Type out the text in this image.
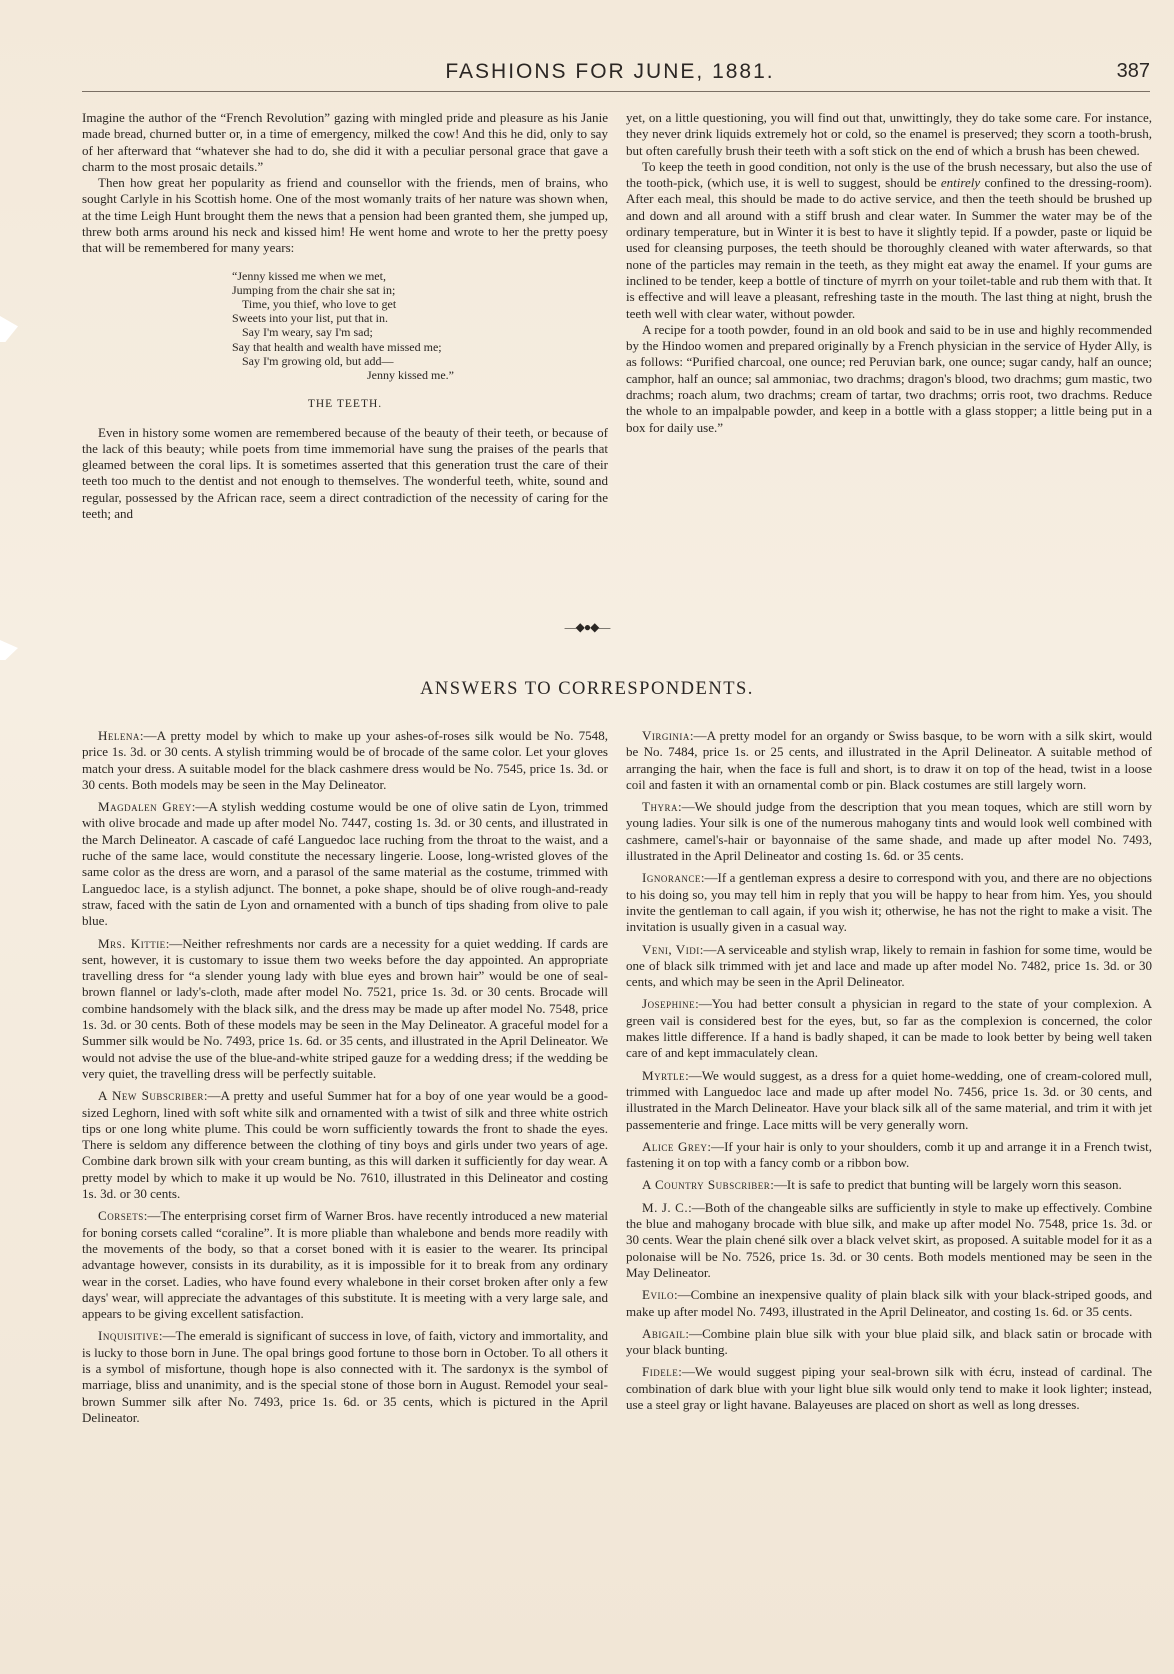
FASHIONS FOR JUNE, 1881.	387

Imagine the author of the “French Revolution” gazing with mingled pride and pleasure as his Janie made bread, churned butter or, in a time of emergency, milked the cow! And this he did, only to say of her afterward that “whatever she had to do, she did it with a peculiar personal grace that gave a charm to the most prosaic details.”

Then how great her popularity as friend and counsellor with the friends, men of brains, who sought Carlyle in his Scottish home. One of the most womanly traits of her nature was shown when, at the time Leigh Hunt brought them the news that a pension had been granted them, she jumped up, threw both arms around his neck and kissed him! He went home and wrote to her the pretty poesy that will be remembered for many years:

“Jenny kissed me when we met,
Jumping from the chair she sat in;
Time, you thief, who love to get
Sweets into your list, put that in.
Say I'm weary, say I'm sad;
Say that health and wealth have missed me;
Say I'm growing old, but add—
Jenny kissed me.”
THE TEETH.

Even in history some women are remembered because of the beauty of their teeth, or because of the lack of this beauty; while poets from time immemorial have sung the praises of the pearls that gleamed between the coral lips. It is sometimes asserted that this generation trust the care of their teeth too much to the dentist and not enough to themselves. The wonderful teeth, white, sound and regular, possessed by the African race, seem a direct contradiction of the necessity of caring for the teeth; and

yet, on a little questioning, you will find out that, unwittingly, they do take some care. For instance, they never drink liquids extremely hot or cold, so the enamel is preserved; they scorn a tooth-brush, but often carefully brush their teeth with a soft stick on the end of which a brush has been chewed.

To keep the teeth in good condition, not only is the use of the brush necessary, but also the use of the tooth-pick, (which use, it is well to suggest, should be entirely confined to the dressing-room). After each meal, this should be made to do active service, and then the teeth should be brushed up and down and all around with a stiff brush and clear water. In Summer the water may be of the ordinary temperature, but in Winter it is best to have it slightly tepid. If a powder, paste or liquid be used for cleansing purposes, the teeth should be thoroughly cleaned with water afterwards, so that none of the particles may remain in the teeth, as they might eat away the enamel. If your gums are inclined to be tender, keep a bottle of tincture of myrrh on your toilet-table and rub them with that. It is effective and will leave a pleasant, refreshing taste in the mouth. The last thing at night, brush the teeth well with clear water, without powder.

A recipe for a tooth powder, found in an old book and said to be in use and highly recommended by the Hindoo women and prepared originally by a French physician in the service of Hyder Ally, is as follows: “Purified charcoal, one ounce; red Peruvian bark, one ounce; sugar candy, half an ounce; camphor, half an ounce; sal ammoniac, two drachms; dragon's blood, two drachms; gum mastic, two drachms; roach alum, two drachms; cream of tartar, two drachms; orris root, two drachms. Reduce the whole to an impalpable powder, and keep in a bottle with a glass stopper; a little being put in a box for daily use.”

—◆●◆—
ANSWERS TO CORRESPONDENTS.

Helena:—A pretty model by which to make up your ashes-of-roses silk would be No. 7548, price 1s. 3d. or 30 cents. A stylish trimming would be of brocade of the same color. Let your gloves match your dress. A suitable model for the black cashmere dress would be No. 7545, price 1s. 3d. or 30 cents. Both models may be seen in the May Delineator.

Magdalen Grey:—A stylish wedding costume would be one of olive satin de Lyon, trimmed with olive brocade and made up after model No. 7447, costing 1s. 3d. or 30 cents, and illustrated in the March Delineator. A cascade of café Languedoc lace ruching from the throat to the waist, and a ruche of the same lace, would constitute the necessary lingerie. Loose, long-wristed gloves of the same color as the dress are worn, and a parasol of the same material as the costume, trimmed with Languedoc lace, is a stylish adjunct. The bonnet, a poke shape, should be of olive rough-and-ready straw, faced with the satin de Lyon and ornamented with a bunch of tips shading from olive to pale blue.

Mrs. Kittie:—Neither refreshments nor cards are a necessity for a quiet wedding. If cards are sent, however, it is customary to issue them two weeks before the day appointed. An appropriate travelling dress for “a slender young lady with blue eyes and brown hair” would be one of seal-brown flannel or lady's-cloth, made after model No. 7521, price 1s. 3d. or 30 cents. Brocade will combine handsomely with the black silk, and the dress may be made up after model No. 7548, price 1s. 3d. or 30 cents. Both of these models may be seen in the May Delineator. A graceful model for a Summer silk would be No. 7493, price 1s. 6d. or 35 cents, and illustrated in the April Delineator. We would not advise the use of the blue-and-white striped gauze for a wedding dress; if the wedding be very quiet, the travelling dress will be perfectly suitable.

A New Subscriber:—A pretty and useful Summer hat for a boy of one year would be a good-sized Leghorn, lined with soft white silk and ornamented with a twist of silk and three white ostrich tips or one long white plume. This could be worn sufficiently towards the front to shade the eyes. There is seldom any difference between the clothing of tiny boys and girls under two years of age. Combine dark brown silk with your cream bunting, as this will darken it sufficiently for day wear. A pretty model by which to make it up would be No. 7610, illustrated in this Delineator and costing 1s. 3d. or 30 cents.

Corsets:—The enterprising corset firm of Warner Bros. have recently introduced a new material for boning corsets called “coraline”. It is more pliable than whalebone and bends more readily with the movements of the body, so that a corset boned with it is easier to the wearer. Its principal advantage however, consists in its durability, as it is impossible for it to break from any ordinary wear in the corset. Ladies, who have found every whalebone in their corset broken after only a few days' wear, will appreciate the advantages of this substitute. It is meeting with a very large sale, and appears to be giving excellent satisfaction.

Inquisitive:—The emerald is significant of success in love, of faith, victory and immortality, and is lucky to those born in June. The opal brings good fortune to those born in October. To all others it is a symbol of misfortune, though hope is also connected with it. The sardonyx is the symbol of marriage, bliss and unanimity, and is the special stone of those born in August. Remodel your seal-brown Summer silk after No. 7493, price 1s. 6d. or 35 cents, which is pictured in the April Delineator.

Virginia:—A pretty model for an organdy or Swiss basque, to be worn with a silk skirt, would be No. 7484, price 1s. or 25 cents, and illustrated in the April Delineator. A suitable method of arranging the hair, when the face is full and short, is to draw it on top of the head, twist in a loose coil and fasten it with an ornamental comb or pin. Black costumes are still largely worn.

Thyra:—We should judge from the description that you mean toques, which are still worn by young ladies. Your silk is one of the numerous mahogany tints and would look well combined with cashmere, camel's-hair or bayonnaise of the same shade, and made up after model No. 7493, illustrated in the April Delineator and costing 1s. 6d. or 35 cents.

Ignorance:—If a gentleman express a desire to correspond with you, and there are no objections to his doing so, you may tell him in reply that you will be happy to hear from him. Yes, you should invite the gentleman to call again, if you wish it; otherwise, he has not the right to make a visit. The invitation is usually given in a casual way.

Veni, Vidi:—A serviceable and stylish wrap, likely to remain in fashion for some time, would be one of black silk trimmed with jet and lace and made up after model No. 7482, price 1s. 3d. or 30 cents, and which may be seen in the April Delineator.

Josephine:—You had better consult a physician in regard to the state of your complexion. A green vail is considered best for the eyes, but, so far as the complexion is concerned, the color makes little difference. If a hand is badly shaped, it can be made to look better by being well taken care of and kept immaculately clean.

Myrtle:—We would suggest, as a dress for a quiet home-wedding, one of cream-colored mull, trimmed with Languedoc lace and made up after model No. 7456, price 1s. 3d. or 30 cents, and illustrated in the March Delineator. Have your black silk all of the same material, and trim it with jet passementerie and fringe. Lace mitts will be very generally worn.

Alice Grey:—If your hair is only to your shoulders, comb it up and arrange it in a French twist, fastening it on top with a fancy comb or a ribbon bow.

A Country Subscriber:—It is safe to predict that bunting will be largely worn this season.

M. J. C.:—Both of the changeable silks are sufficiently in style to make up effectively. Combine the blue and mahogany brocade with blue silk, and make up after model No. 7548, price 1s. 3d. or 30 cents. Wear the plain chené silk over a black velvet skirt, as proposed. A suitable model for it as a polonaise will be No. 7526, price 1s. 3d. or 30 cents. Both models mentioned may be seen in the May Delineator.

Evilo:—Combine an inexpensive quality of plain black silk with your black-striped goods, and make up after model No. 7493, illustrated in the April Delineator, and costing 1s. 6d. or 35 cents.

Abigail:—Combine plain blue silk with your blue plaid silk, and black satin or brocade with your black bunting.

Fidele:—We would suggest piping your seal-brown silk with écru, instead of cardinal. The combination of dark blue with your light blue silk would only tend to make it look lighter; instead, use a steel gray or light havane. Balayeuses are placed on short as well as long dresses.
